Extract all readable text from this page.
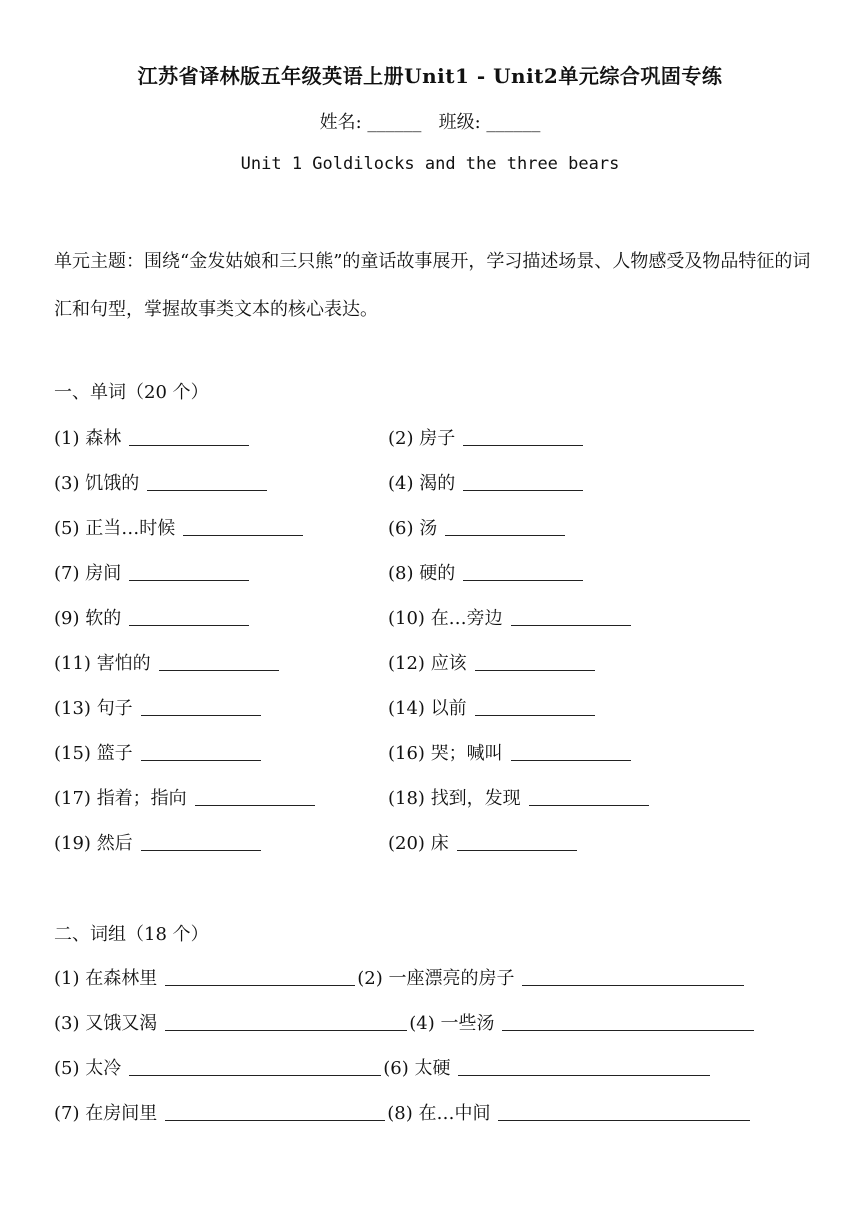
江苏省译林版五年级英语上册Unit1 - Unit2单元综合巩固专练
姓名: ______ 班级: ______
Unit 1 Goldilocks and the three bears

单元主题：围绕“金发姑娘和三只熊”的童话故事展开，学习描述场景、人物感受及物品特征的词汇和句型，掌握故事类文本的核心表达。

一、单词（20 个）

(1) 森林	(2) 房子
(3) 饥饿的	(4) 渴的
(5) 正当…时候	(6) 汤
(7) 房间	(8) 硬的
(9) 软的	(10) 在…旁边
(11) 害怕的	(12) 应该
(13) 句子	(14) 以前
(15) 篮子	(16) 哭；喊叫
(17) 指着；指向	(18) 找到，发现
(19) 然后	(20) 床

二、词组（18 个）

(1) 在森林里	(2) 一座漂亮的房子
(3) 又饿又渴	(4) 一些汤
(5) 太冷	(6) 太硬
(7) 在房间里	(8) 在…中间
